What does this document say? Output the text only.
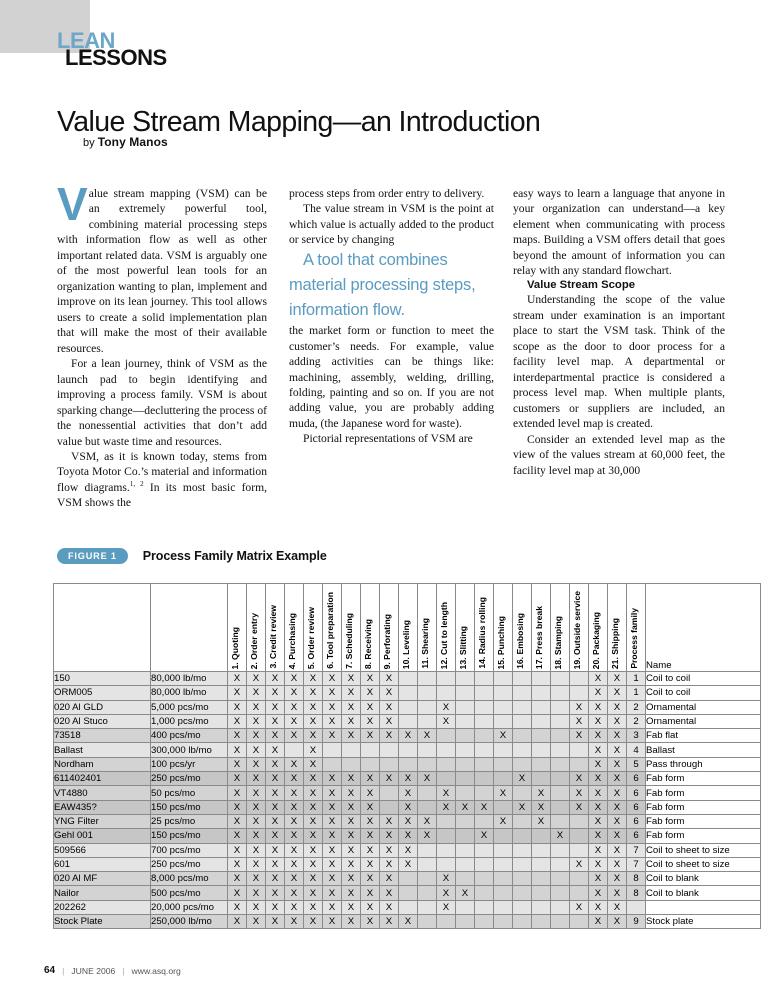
LEAN
LESSONS
Value Stream Mapping—an Introduction
by Tony Manos

Value stream mapping (VSM) can be an extremely powerful tool, combining material processing steps with information flow as well as other important related data. VSM is arguably one of the most powerful lean tools for an organization wanting to plan, implement and improve on its lean journey. This tool allows users to create a solid implementation plan that will make the most of their available resources.

For a lean journey, think of VSM as the launch pad to begin identifying and improving a process family. VSM is about sparking change—decluttering the process of the nonessential activities that don’t add value but waste time and resources.

VSM, as it is known today, stems from Toyota Motor Co.’s material and information flow diagrams.$^{1, 2}$ In its most basic form, VSM shows the

process steps from order entry to delivery.

The value stream in VSM is the point at which value is actually added to the product or service by changing

A tool that combines material processing steps, information flow.

the market form or function to meet the customer’s needs. For example, value adding activities can be things like: machining, assembly, welding, drilling, folding, painting and so on. If you are not adding value, you are probably adding muda, (the Japanese word for waste).

Pictorial representations of VSM are

easy ways to learn a language that anyone in your organization can understand—a key element when communicating with process maps. Building a VSM offers detail that goes beyond the amount of information you can relay with any standard flowchart.

Value Stream Scope

Understanding the scope of the value stream under examination is an important place to start the VSM task. Think of the scope as the door to door process for a facility level map. A departmental or interdepartmental practice is considered a process level map. When multiple plants, customers or suppliers are included, an extended level map is created.

Consider an extended level map as the view of the values stream at 60,000 feet, the facility level map at 30,000

FIGURE 1	Process Family Matrix Example
		1. Quoting	2. Order entry	3. Credit review	4. Purchasing	5. Order review	6. Tool preparation	7. Scheduling	8. Receiving	9. Perforating	10. Leveling	11. Shearing	12. Cut to length	13. Slitting	14. Radius rolling	15. Punching	16. Embosing	17. Press break	18. Stamping	19. Outside service	20. Packaging	21. Shipping	Process family	Name
150	80,000 lb/mo	X	X	X	X	X	X	X	X	X											X	X	1	Coil to coil
ORM005	80,000 lb/mo	X	X	X	X	X	X	X	X	X											X	X	1	Coil to coil
020 Al GLD	5,000 pcs/mo	X	X	X	X	X	X	X	X	X			X							X	X	X	2	Ornamental
020 Al Stuco	1,000 pcs/mo	X	X	X	X	X	X	X	X	X			X							X	X	X	2	Ornamental
73518	400 pcs/mo	X	X	X	X	X	X	X	X	X	X	X				X				X	X	X	3	Fab flat
Ballast	300,000 lb/mo	X	X	X		X															X	X	4	Ballast
Nordham	100 pcs/yr	X	X	X	X	X															X	X	5	Pass through
611402401	250 pcs/mo	X	X	X	X	X	X	X	X	X	X	X					X			X	X	X	6	Fab form
VT4880	50 pcs/mo	X	X	X	X	X	X	X	X		X		X			X		X		X	X	X	6	Fab form
EAW435?	150 pcs/mo	X	X	X	X	X	X	X	X		X		X	X	X		X	X		X	X	X	6	Fab form
YNG Filter	25 pcs/mo	X	X	X	X	X	X	X	X	X	X	X				X		X			X	X	6	Fab form
Gehl 001	150 pcs/mo	X	X	X	X	X	X	X	X	X	X	X			X				X		X	X	6	Fab form
509566	700 pcs/mo	X	X	X	X	X	X	X	X	X	X										X	X	7	Coil to sheet to size
601	250 pcs/mo	X	X	X	X	X	X	X	X	X	X									X	X	X	7	Coil to sheet to size
020 Al MF	8,000 pcs/mo	X	X	X	X	X	X	X	X	X			X								X	X	8	Coil to blank
Nailor	500 pcs/mo	X	X	X	X	X	X	X	X	X			X	X							X	X	8	Coil to blank
202262	20,000 pcs/mo	X	X	X	X	X	X	X	X	X			X							X	X	X		
Stock Plate	250,000 lb/mo	X	X	X	X	X	X	X	X	X	X										X	X	9	Stock plate
64 | JUNE 2006 | www.asq.org
